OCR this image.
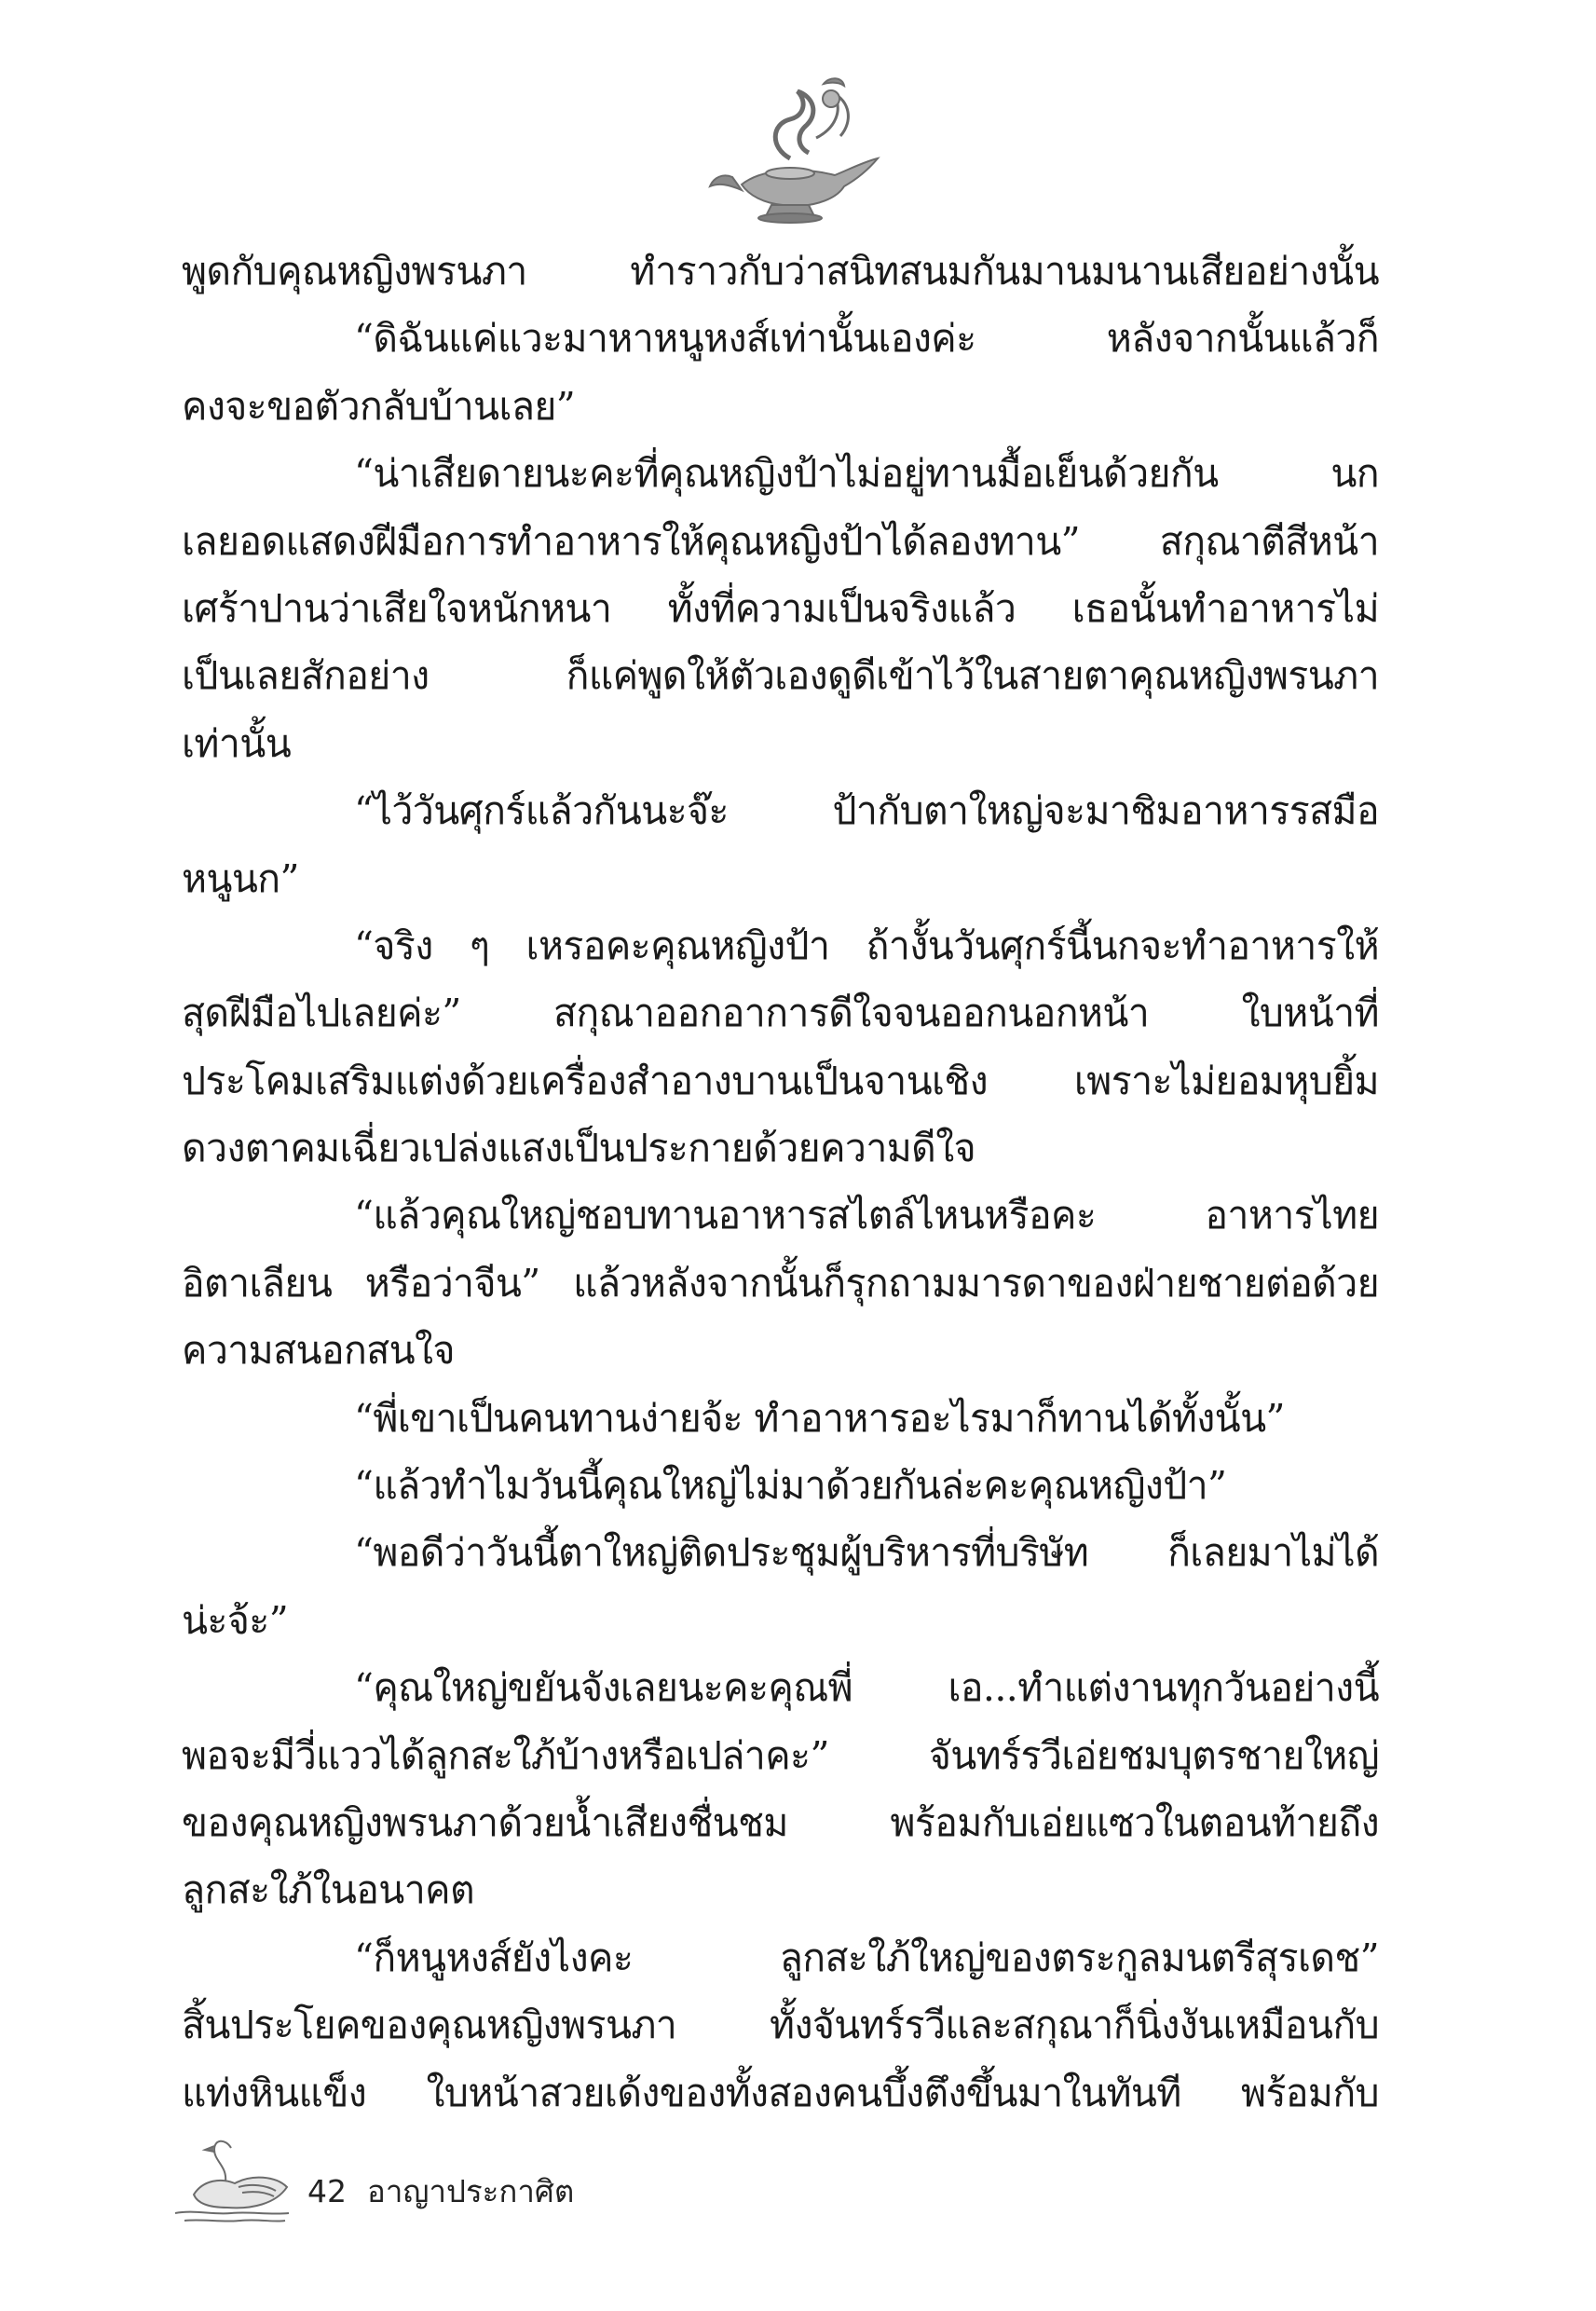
พูดกับคุณหญิงพรนภา ทำราวกับว่าสนิทสนมกันมานมนานเสียอย่างนั้น
“ดิฉันแค่แวะมาหาหนูหงส์เท่านั้นเองค่ะ หลังจากนั้นแล้วก็
คงจะขอตัวกลับบ้านเลย”
“น่าเสียดายนะคะที่คุณหญิงป้าไม่อยู่ทานมื้อเย็นด้วยกัน นก
เลยอดแสดงฝีมือการทำอาหารให้คุณหญิงป้าได้ลองทาน” สกุณาตีสีหน้า
เศร้าปานว่าเสียใจหนักหนา ทั้งที่ความเป็นจริงแล้ว เธอนั้นทำอาหารไม่
เป็นเลยสักอย่าง ก็แค่พูดให้ตัวเองดูดีเข้าไว้ในสายตาคุณหญิงพรนภา
เท่านั้น
“ไว้วันศุกร์แล้วกันนะจ๊ะ ป้ากับตาใหญ่จะมาชิมอาหารรสมือ
หนูนก”
“จริง ๆ เหรอคะคุณหญิงป้า ถ้างั้นวันศุกร์นี้นกจะทำอาหารให้
สุดฝีมือไปเลยค่ะ” สกุณาออกอาการดีใจจนออกนอกหน้า ใบหน้าที่
ประโคมเสริมแต่งด้วยเครื่องสำอางบานเป็นจานเชิง เพราะไม่ยอมหุบยิ้ม
ดวงตาคมเฉี่ยวเปล่งแสงเป็นประกายด้วยความดีใจ
“แล้วคุณใหญ่ชอบทานอาหารสไตล์ไหนหรือคะ อาหารไทย
อิตาเลียน หรือว่าจีน” แล้วหลังจากนั้นก็รุกถามมารดาของฝ่ายชายต่อด้วย
ความสนอกสนใจ
“พี่เขาเป็นคนทานง่ายจ้ะ ทำอาหารอะไรมาก็ทานได้ทั้งนั้น”
“แล้วทำไมวันนี้คุณใหญ่ไม่มาด้วยกันล่ะคะคุณหญิงป้า”
“พอดีว่าวันนี้ตาใหญ่ติดประชุมผู้บริหารที่บริษัท ก็เลยมาไม่ได้
น่ะจ้ะ”
“คุณใหญ่ขยันจังเลยนะคะคุณพี่ เอ...ทำแต่งานทุกวันอย่างนี้
พอจะมีวี่แววได้ลูกสะใภ้บ้างหรือเปล่าคะ” จันทร์รวีเอ่ยชมบุตรชายใหญ่
ของคุณหญิงพรนภาด้วยน้ำเสียงชื่นชม พร้อมกับเอ่ยแซวในตอนท้ายถึง
ลูกสะใภ้ในอนาคต
“ก็หนูหงส์ยังไงคะ ลูกสะใภ้ใหญ่ของตระกูลมนตรีสุรเดช”
สิ้นประโยคของคุณหญิงพรนภา ทั้งจันทร์รวีและสกุณาก็นิ่งงันเหมือนกับ
แท่งหินแข็ง ใบหน้าสวยเด้งของทั้งสองคนบึ้งตึงขึ้นมาในทันที พร้อมกับ
42 อาญาประกาศิต
